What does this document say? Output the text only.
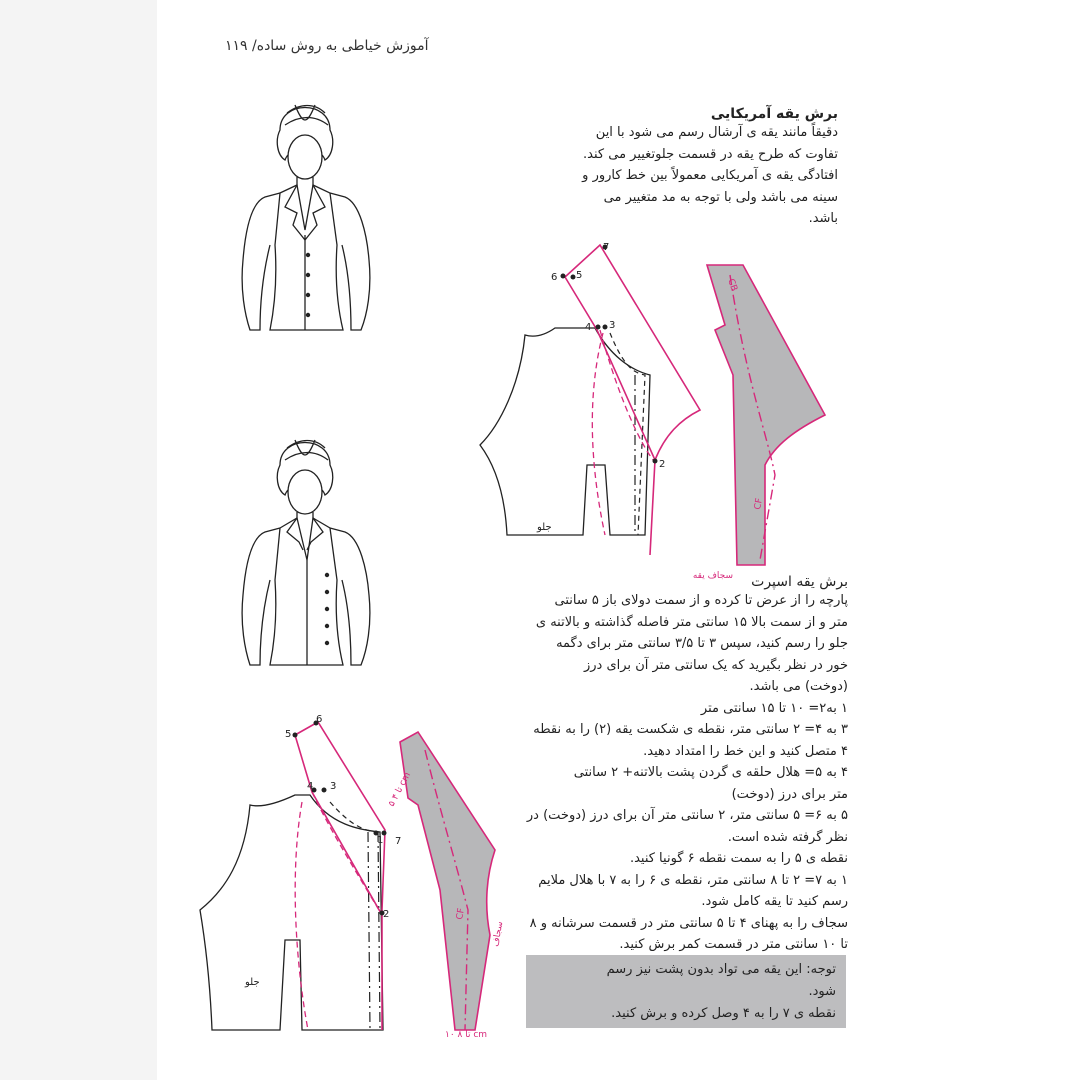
آموزش خیاطی به روش ساده/ ۱۱۹
برش یقه آمریکایی
دقیقاً مانند یقه ی آرشال رسم می شود با این
تفاوت که طرح یقه در قسمت جلوتغییر می کند.
افتادگی یقه ی آمریکایی معمولاً بین خط کارور و
سینه می باشد ولی با توجه به مد متغییر می
باشد.
7
6 5
4 3
2
CB
CF
جلو
سجاف یقه	برش یقه اسپرت
پارچه را از عرض تا کرده و از سمت دولای باز ۵ سانتی
متر و از سمت بالا ۱۵ سانتی متر فاصله گذاشته و بالاتنه ی
جلو را رسم کنید، سپس ۳ تا ۳/۵ سانتی متر برای دگمه
خور در نظر بگیرید که یک سانتی متر آن برای درز
(دوخت) می باشد.
۱ به۲= ۱۰ تا ۱۵ سانتی متر
۳ به ۴= ۲ سانتی متر، نقطه ی شکست یقه (۲) را به نقطه
۴ متصل کنید و این خط را امتداد دهید.
۴ به ۵= هلال حلقه ی گردن پشت بالاتنه+ ۲ سانتی
متر برای درز (دوخت)
۵ به ۶= ۵ سانتی متر، ۲ سانتی متر آن برای درز (دوخت) در
نظر گرفته شده است.
نقطه ی ۵ را به سمت نقطه ۶ گونیا کنید.
۱ به ۷= ۲ تا ۸ سانتی متر، نقطه ی ۶ را به ۷ با هلال ملایم
رسم کنید تا یقه کامل شود.
سجاف را به پهنای ۴ تا ۵ سانتی متر در قسمت سرشانه و ۸
تا ۱۰ سانتی متر در قسمت کمر برش کنید.
6
5
4 3
7
1
2	CF
جلو
سجاف
۵ تا ۴ cm
۱۰ تا ۸ cm
توجه: این یقه می تواد بدون پشت نیز رسم
شود.
نقطه ی ۷ را به ۴ وصل کرده و برش کنید.
